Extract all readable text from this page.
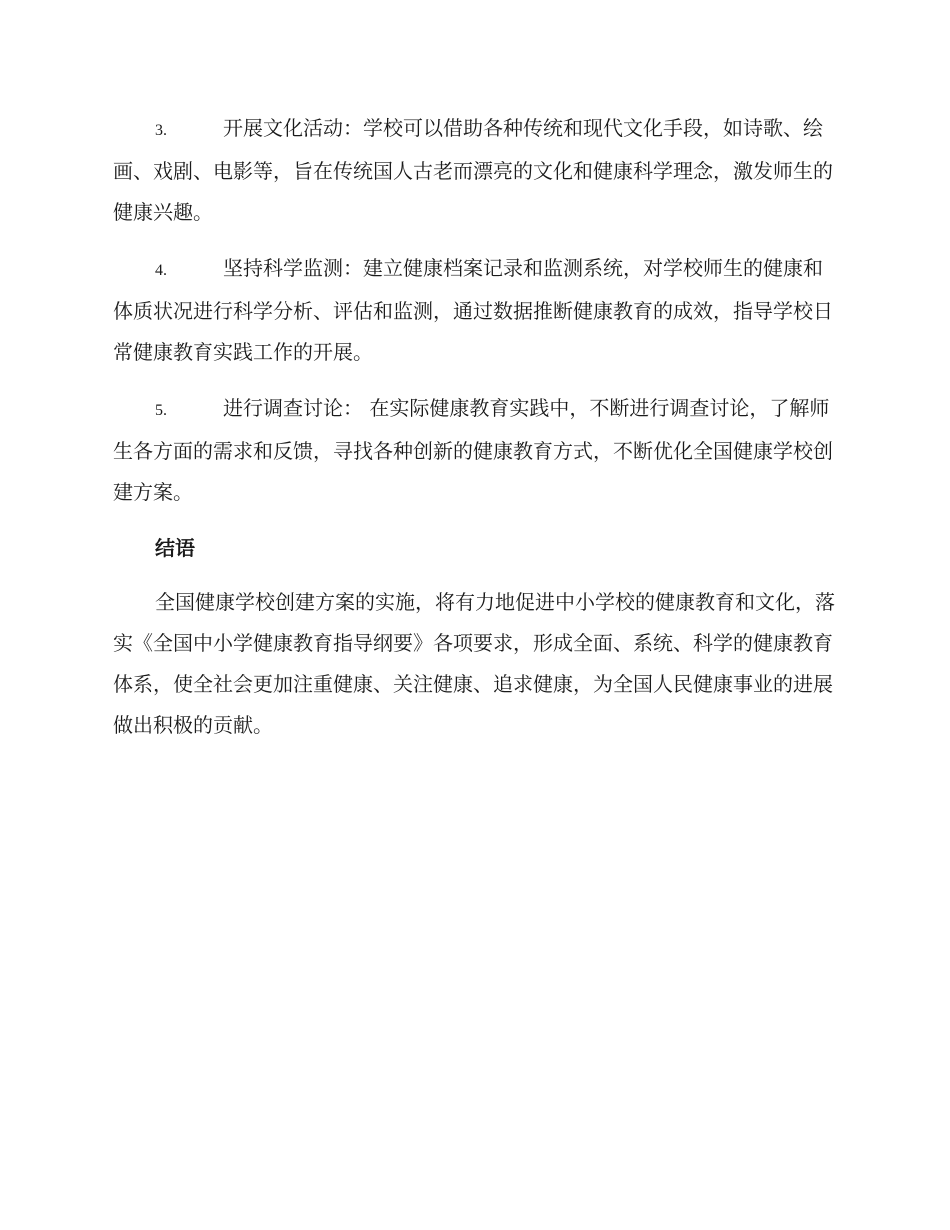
3.	开展文化活动：学校可以借助各种传统和现代文化手段，如诗歌、绘画、戏剧、电影等，旨在传统国人古老而漂亮的文化和健康科学理念，激发师生的健康兴趣。

4.	坚持科学监测：建立健康档案记录和监测系统，对学校师生的健康和体质状况进行科学分析、评估和监测，通过数据推断健康教育的成效，指导学校日常健康教育实践工作的开展。

5.	进行调查讨论： 在实际健康教育实践中，不断进行调查讨论，了解师生各方面的需求和反馈，寻找各种创新的健康教育方式，不断优化全国健康学校创建方案。

结语

全国健康学校创建方案的实施，将有力地促进中小学校的健康教育和文化，落实《全国中小学健康教育指导纲要》各项要求，形成全面、系统、科学的健康教育体系，使全社会更加注重健康、关注健康、追求健康，为全国人民健康事业的进展做出积极的贡献。
